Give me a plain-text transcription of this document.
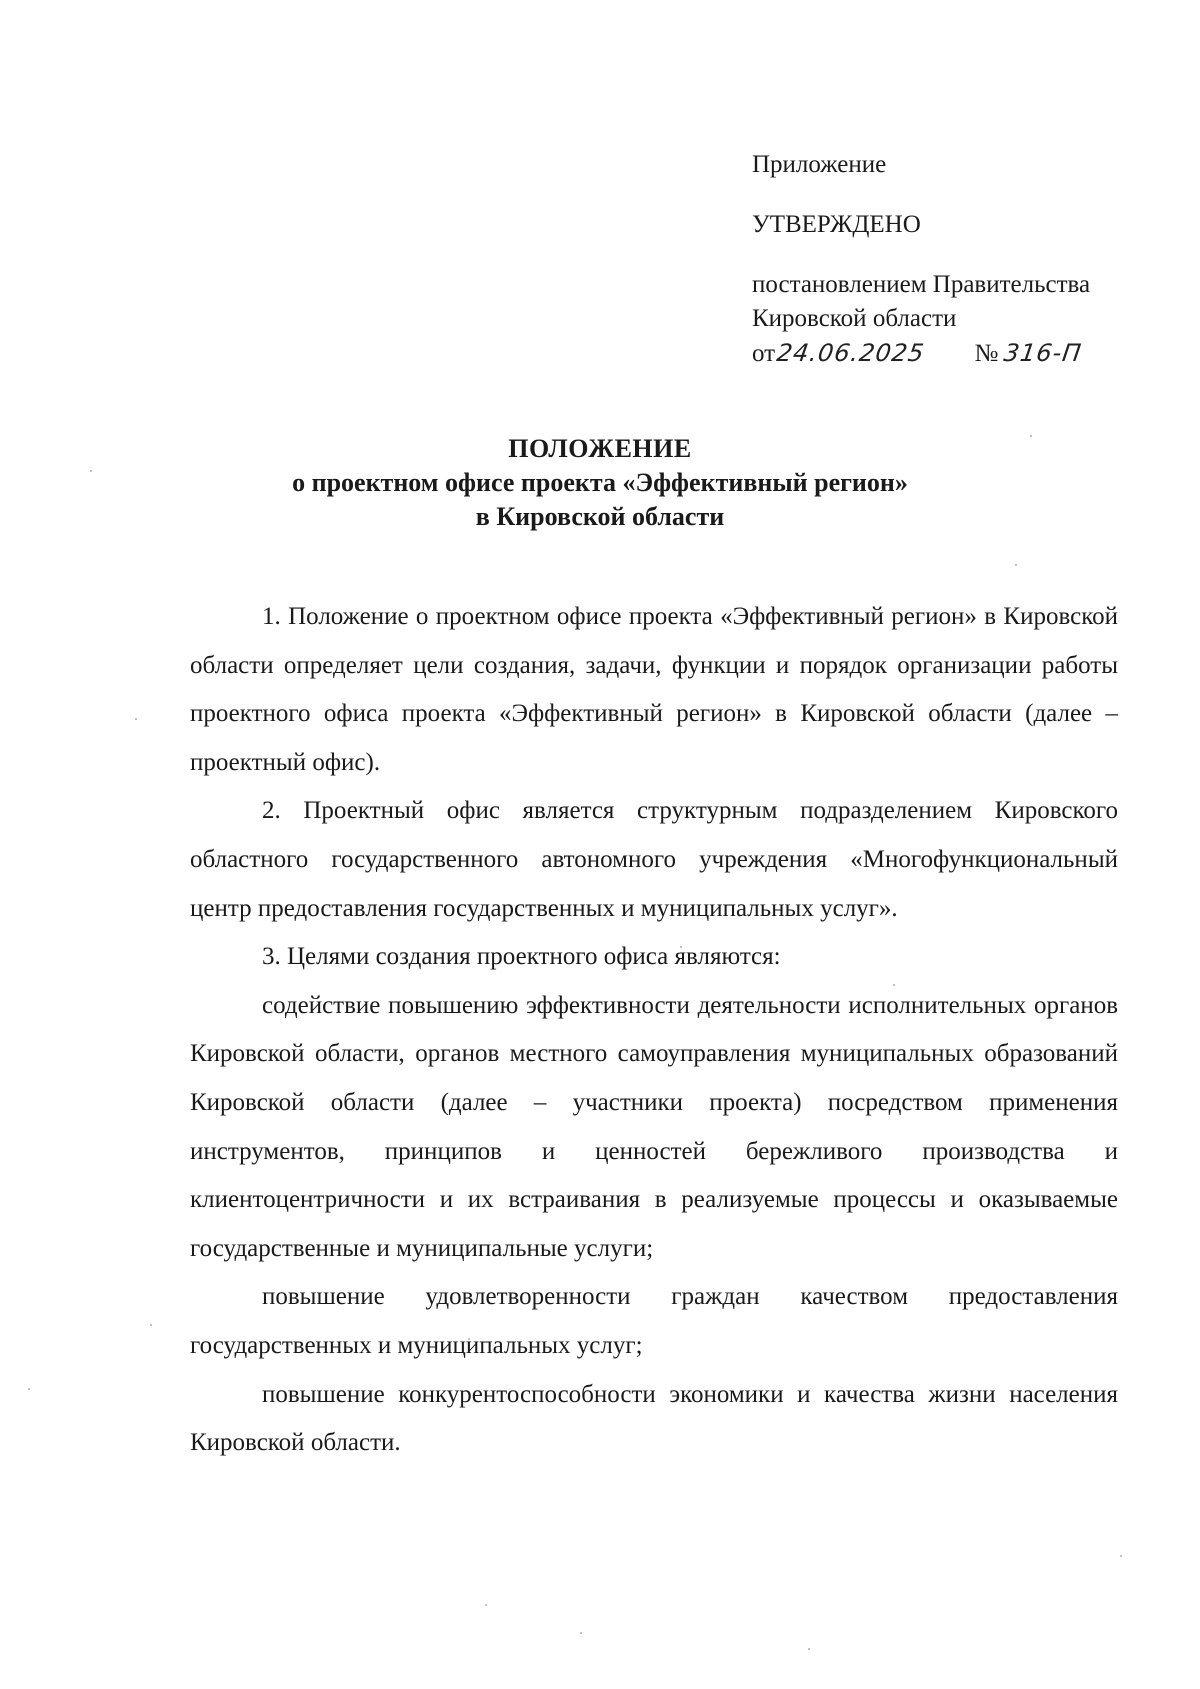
Приложение
УТВЕРЖДЕНО
постановлением Правительства
Кировской области
от 24.06.2025 № 316-П
ПОЛОЖЕНИЕ
о проектном офисе проекта «Эффективный регион»
в Кировской области

1. Положение о проектном офисе проекта «Эффективный регион» в Кировской области определяет цели создания, задачи, функции и порядок организации работы проектного офиса проекта «Эффективный регион» в Кировской области (далее – проектный офис).

2. Проектный офис является структурным подразделением Кировского областного государственного автономного учреждения «Многофункциональный центр предоставления государственных и муниципальных услуг».

3. Целями создания проектного офиса являются:

содействие повышению эффективности деятельности исполнительных органов Кировской области, органов местного самоуправления муниципальных образований Кировской области (далее – участники проекта) посредством применения инструментов, принципов и ценностей бережливого производства и клиентоцентричности и их встраивания в реализуемые процессы и оказываемые государственные и муниципальные услуги;

повышение удовлетворенности граждан качеством предоставления государственных и муниципальных услуг;

повышение конкурентоспособности экономики и качества жизни населения Кировской области.
